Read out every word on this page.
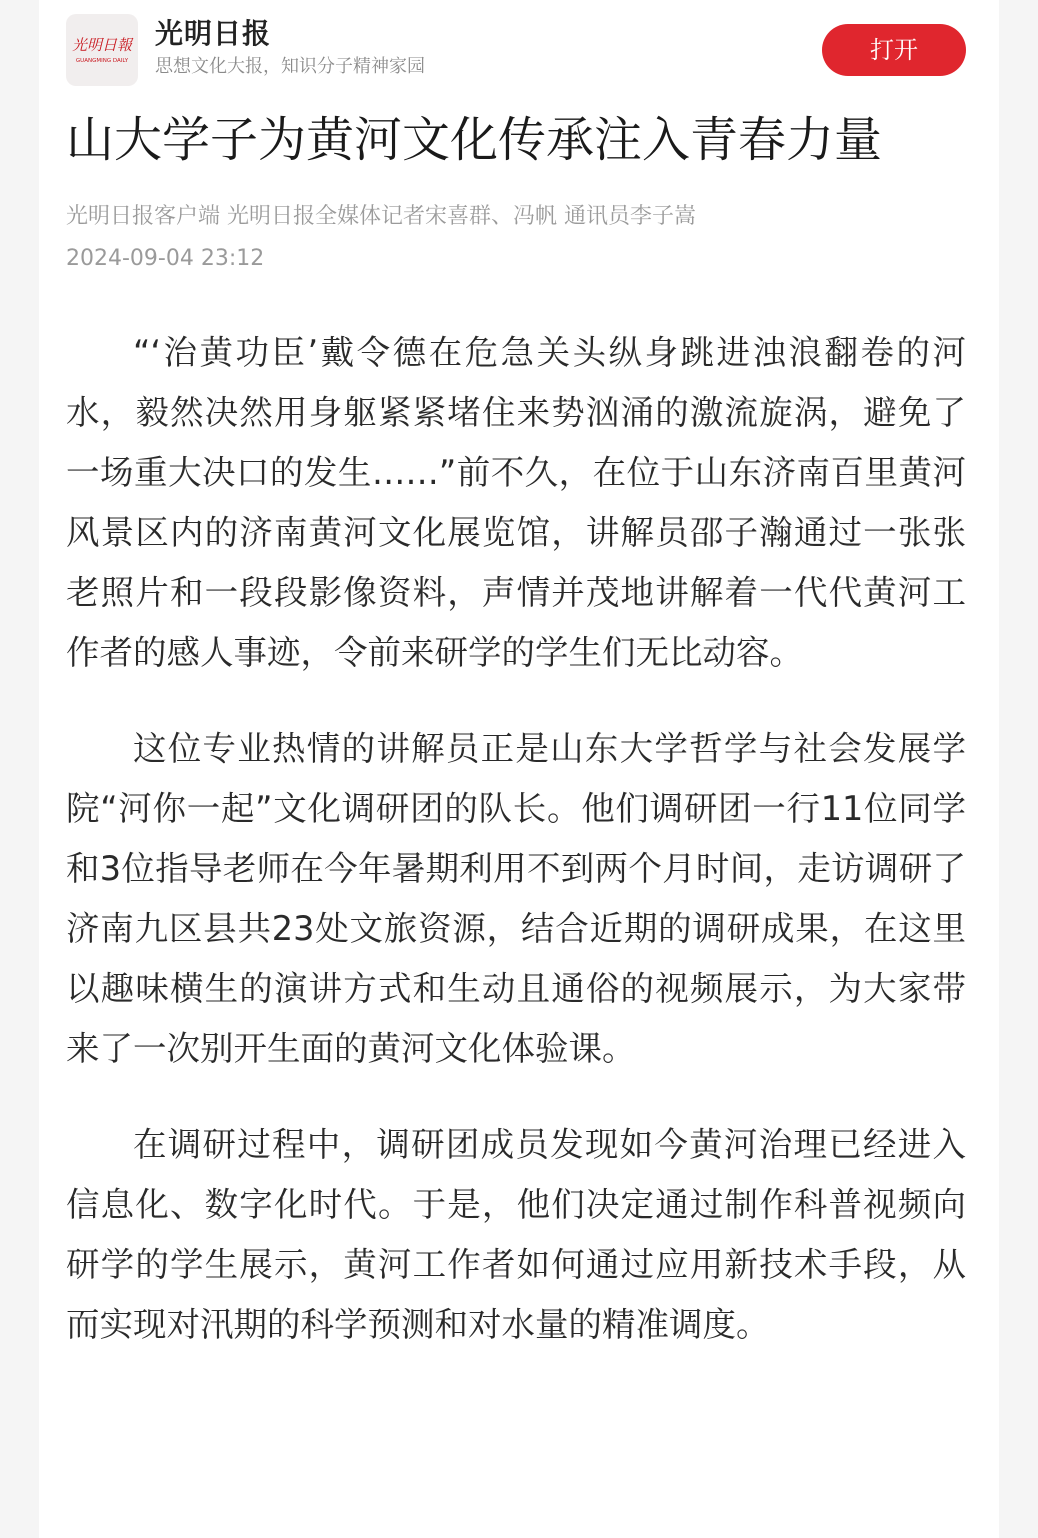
光明日報
GUANGMING DAILY
光明日报
思想文化大报，知识分子精神家园
打开
山大学子为黄河文化传承注入青春力量
光明日报客户端 光明日报全媒体记者宋喜群、冯帆 通讯员李子嵩
2024-09-04 23:12

“‘治黄功臣’戴令德在危急关头纵身跳进浊浪翻卷的河水，毅然决然用身躯紧紧堵住来势汹涌的激流旋涡，避免了一场重大决口的发生……”前不久，在位于山东济南百里黄河风景区内的济南黄河文化展览馆，讲解员邵子瀚通过一张张老照片和一段段影像资料，声情并茂地讲解着一代代黄河工作者的感人事迹，令前来研学的学生们无比动容。

这位专业热情的讲解员正是山东大学哲学与社会发展学院“河你一起”文化调研团的队长。他们调研团一行11位同学和3位指导老师在今年暑期利用不到两个月时间，走访调研了济南九区县共23处文旅资源，结合近期的调研成果，在这里以趣味横生的演讲方式和生动且通俗的视频展示，为大家带来了一次别开生面的黄河文化体验课。

在调研过程中，调研团成员发现如今黄河治理已经进入信息化、数字化时代。于是，他们决定通过制作科普视频向研学的学生展示，黄河工作者如何通过应用新技术手段，从而实现对汛期的科学预测和对水量的精准调度。
